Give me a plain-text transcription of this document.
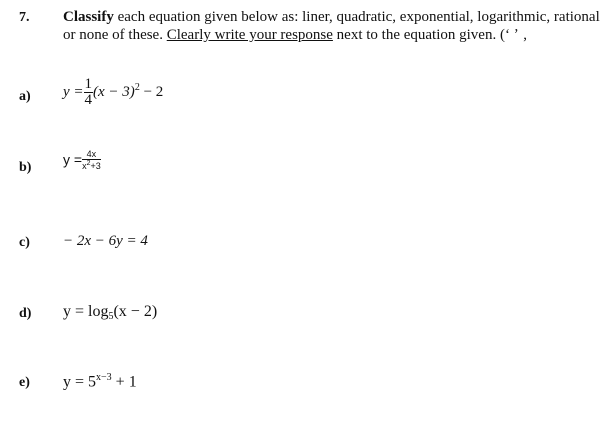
7. Classify each equation given below as: liner, quadratic, exponential, logarithmic, rational
or none of these. Clearly write your response next to the equation given. (‘ ʼ ‚
a) $y = \frac{1}{4} (x - 3)^2 - 2$
b)
$y = \frac{4x}{x^2+3}$
c) − 2x − 6y = 4
d) $y = \log_5(x - 2)$
e) $y = 5^{x-3} + 1$
